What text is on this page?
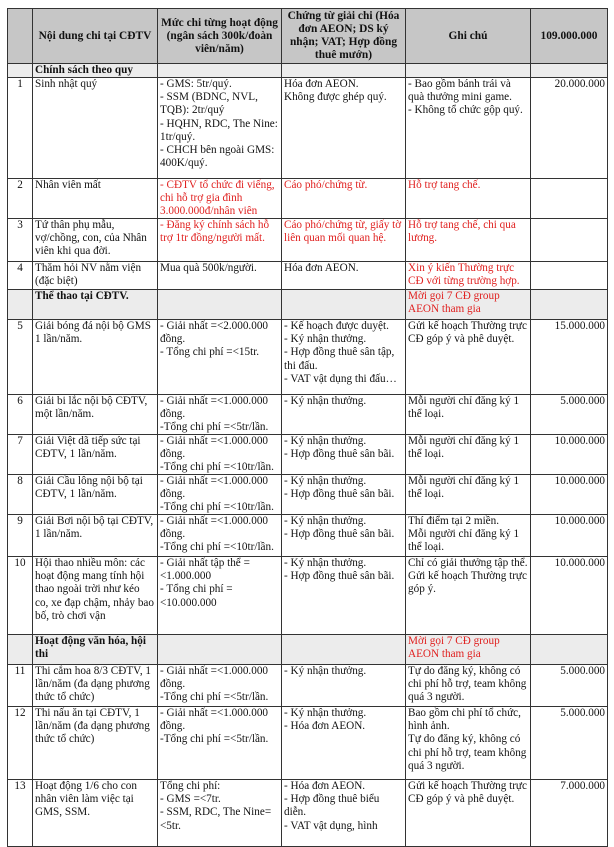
	Nội dung chi tại CĐTV	Mức chi từng hoạt động (ngân sách 300k/đoàn viên/năm)	Chứng từ giải chi (Hóa đơn AEON; DS ký nhận; VAT; Hợp đồng thuê mướn)	Ghi chú	109.000.000

	Chính sách theo quy				

1	Sinh nhật quý	- GMS: 5tr/quý.
- SSM (BDNC, NVL, TQB): 2tr/quý
- HQHN, RDC, The Nine: 1tr/quý.
- CHCH bên ngoài GMS: 400K/quý.	Hóa đơn AEON.
Không được ghép quý.	- Bao gồm bánh trái và quà thưởng mini game.
- Không tổ chức gộp quý.	20.000.000

2	Nhân viên mất	- CĐTV tổ chức đi viếng, chi hỗ trợ gia đình 3.000.000đ/nhân viên	Cáo phó/chứng từ.	Hỗ trợ tang chế.	

3	Tứ thân phụ mẫu, vợ/chồng, con, của Nhân viên khi qua đời.	- Đăng ký chính sách hỗ trợ 1tr đồng/người mất.	Cáo phó/chứng từ, giấy tờ liên quan mối quan hệ.	Hỗ trợ tang chế, chi qua lương.	

4	Thăm hỏi NV nằm viện (đặc biệt)	Mua quà 500k/người.	Hóa đơn AEON.	Xin ý kiến Thường trực CĐ với từng trường hợp.	

	Thể thao tại CĐTV.			Mời gọi 7 CĐ group AEON tham gia	

5	Giải bóng đá nội bộ GMS 1 lần/năm.	- Giải nhất =<2.000.000 đồng.
- Tổng chi phí =<15tr.	- Kế hoạch được duyệt.
- Ký nhận thưởng.
- Hợp đồng thuê sân tập, thi đấu.
- VAT vật dụng thi đấu…	Gửi kế hoạch Thường trực CĐ góp ý và phê duyệt.	15.000.000

6	Giải bi lắc nội bộ CĐTV, một lần/năm.	- Giải nhất =<1.000.000 đồng.
-Tổng chi phí =<5tr/lần.	- Ký nhận thưởng.	Mỗi người chỉ đăng ký 1 thể loại.	5.000.000

7	Giải Việt dã tiếp sức tại CĐTV, 1 lần/năm.	- Giải nhất =<1.000.000 đồng.
-Tổng chi phí =<10tr/lần.	- Ký nhận thưởng.
- Hợp đồng thuê sân bãi.	Mỗi người chỉ đăng ký 1 thể loại.	10.000.000

8	Giải Cầu lông nội bộ tại CĐTV, 1 lần/năm.	- Giải nhất =<1.000.000 đồng.
-Tổng chi phí =<10tr/lần.	- Ký nhận thưởng.
- Hợp đồng thuê sân bãi.	Mỗi người chỉ đăng ký 1 thể loại.	10.000.000

9	Giải Bơi nội bộ tại CĐTV, 1 lần/năm.	- Giải nhất =<1.000.000 đồng.
-Tổng chi phí =<10tr/lần.	- Ký nhận thưởng.
- Hợp đồng thuê sân bãi.	Thí điểm tại 2 miền.
Mỗi người chỉ đăng ký 1 thể loại.	10.000.000

10	Hội thao nhiều môn: các hoạt động mang tính hội thao ngoài trời như kéo co, xe đạp chậm, nhảy bao bố, trò chơi vận	- Giải nhất tập thể =<1.000.000
- Tổng chi phí =<10.000.000	- Ký nhận thưởng.
- Hợp đồng thuê sân bãi.	Chỉ có giải thưởng tập thể.
Gửi kế hoạch Thường trực góp ý.	10.000.000

	Hoạt động văn hóa, hội thi			Mời gọi 7 CĐ group AEON tham gia	

11	Thi cắm hoa 8/3 CĐTV, 1 lần/năm (đa dạng phương thức tổ chức)	- Giải nhất =<1.000.000 đồng.
-Tổng chi phí =<5tr/lần.	- Ký nhận thưởng.	Tự do đăng ký, không có chi phí hỗ trợ, team không quá 3 người.	5.000.000

12	Thi nấu ăn tại CĐTV, 1 lần/năm (đa dạng phương thức tổ chức)	- Giải nhất =<1.000.000 đồng.
-Tổng chi phí =<5tr/lần.	- Ký nhận thưởng.
- Hóa đơn AEON.	Bao gồm chi phí tổ chức, hình ảnh.
Tự do đăng ký, không có chi phí hỗ trợ, team không quá 3 người.	5.000.000

13	Hoạt động 1/6 cho con nhân viên làm việc tại GMS, SSM.	Tổng chi phí:
- GMS =<7tr.
- SSM, RDC, The Nine=<5tr.	- Hóa đơn AEON.
- Hợp đồng thuê biểu diễn.
- VAT vật dụng, hình	Gửi kế hoạch Thường trực CĐ góp ý và phê duyệt.	7.000.000
